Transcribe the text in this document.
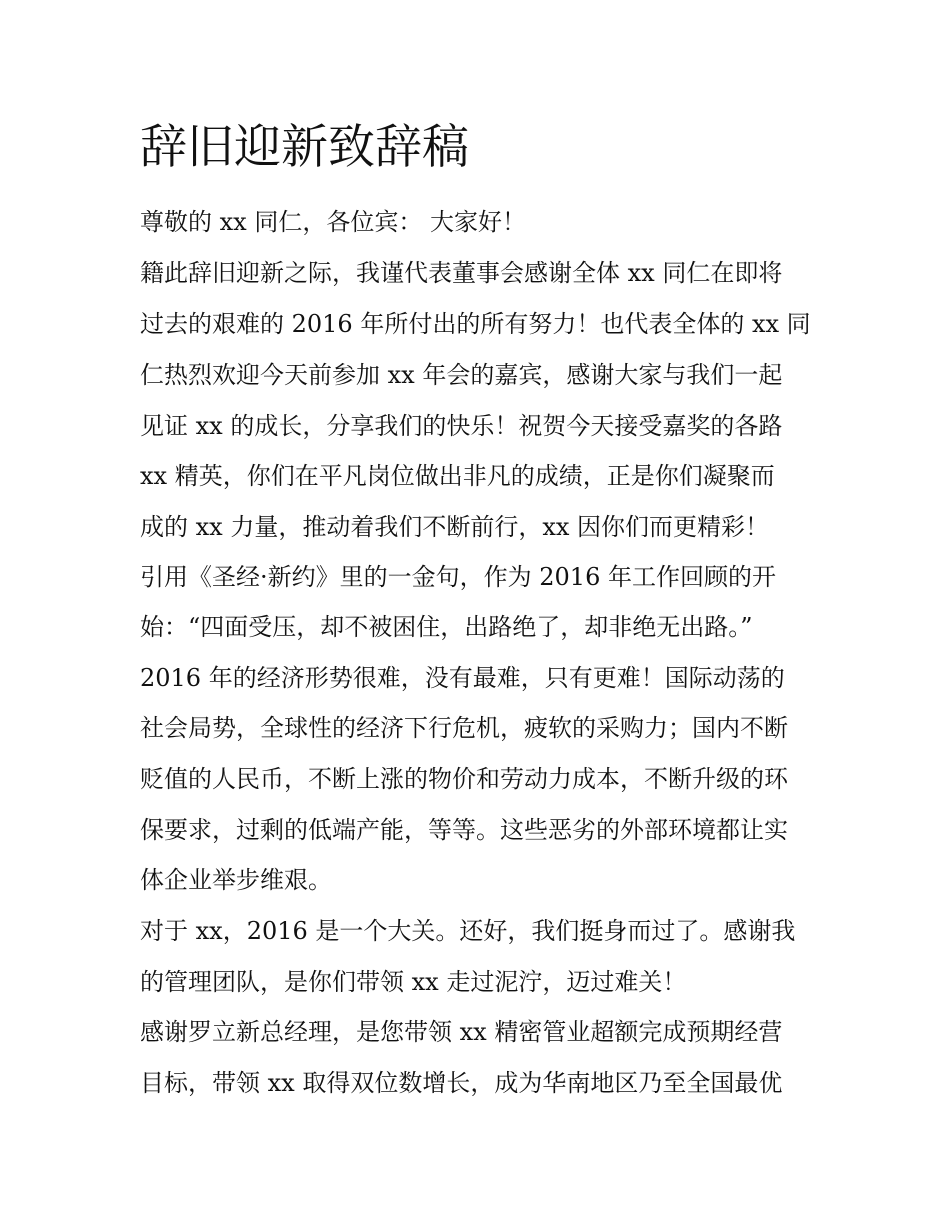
辞旧迎新致辞稿

尊敬的 xx 同仁，各位宾： 大家好！

籍此辞旧迎新之际，我谨代表董事会感谢全体 xx 同仁在即将

过去的艰难的 2016 年所付出的所有努力！也代表全体的 xx 同

仁热烈欢迎今天前参加 xx 年会的嘉宾，感谢大家与我们一起

见证 xx 的成长，分享我们的快乐！祝贺今天接受嘉奖的各路

xx 精英，你们在平凡岗位做出非凡的成绩，正是你们凝聚而

成的 xx 力量，推动着我们不断前行，xx 因你们而更精彩！

引用《圣经·新约》里的一金句，作为 2016 年工作回顾的开

始：“四面受压，却不被困住，出路绝了，却非绝无出路。”

2016 年的经济形势很难，没有最难，只有更难！国际动荡的

社会局势，全球性的经济下行危机，疲软的采购力；国内不断

贬值的人民币，不断上涨的物价和劳动力成本，不断升级的环

保要求，过剩的低端产能，等等。这些恶劣的外部环境都让实

体企业举步维艰。

对于 xx，2016 是一个大关。还好，我们挺身而过了。感谢我

的管理团队，是你们带领 xx 走过泥泞，迈过难关！

感谢罗立新总经理，是您带领 xx 精密管业超额完成预期经营

目标，带领 xx 取得双位数增长，成为华南地区乃至全国最优
